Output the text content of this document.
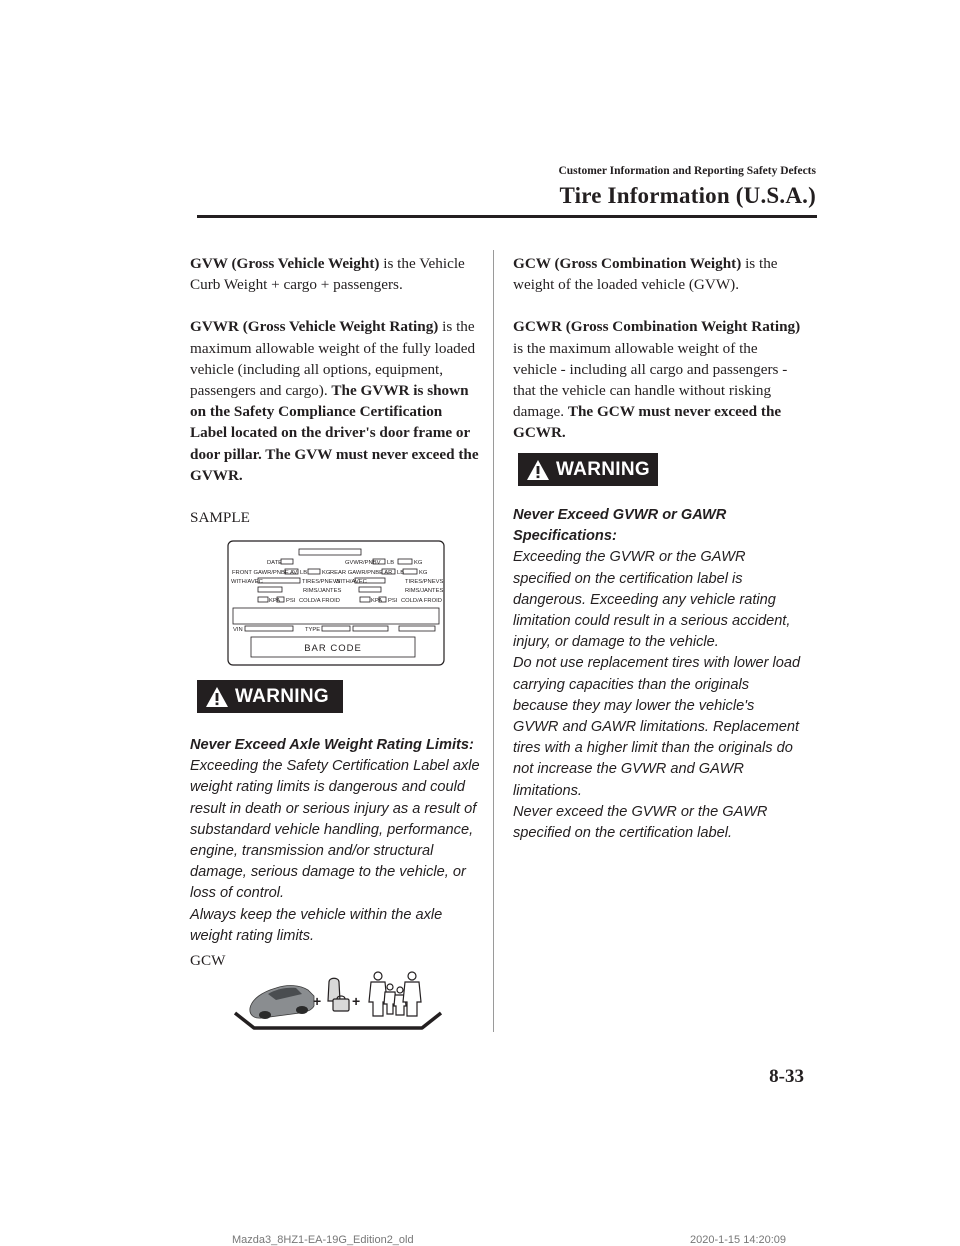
Customer Information and Reporting Safety Defects
Tire Information (U.S.A.)

GVW (Gross Vehicle Weight) is the Vehicle Curb Weight + cargo + passengers.

GVWR (Gross Vehicle Weight Rating) is the maximum allowable weight of the fully loaded vehicle (including all options, equipment, passengers and cargo). The GVWR is shown on the Safety Compliance Certification Label located on the driver's door frame or door pillar. The GVW must never exceed the GVWR.

SAMPLE

DATE	GVWR/PNBV LB	KG
FRONT GAWR/PNBE AV LB	KG REAR GAWR/PNBE AR LB	KG
WITH/AVEC	TIRES/PNEVS
WITH/AVEC	TIRES/PNEVS
RIMS/JANTES	RIMS/JANTES
KPA PSI COLD/A FROID	KPA PSI COLD/A FROID
VIN	TYPE
BAR CODE
WARNING
Never Exceed Axle Weight Rating Limits:
Exceeding the Safety Certification Label axle weight rating limits is dangerous and could result in death or serious injury as a result of substandard vehicle handling, performance, engine, transmission and/or structural damage, serious damage to the vehicle, or loss of control.
Always keep the vehicle within the axle weight rating limits.
GCW
+ +

GCW (Gross Combination Weight) is the weight of the loaded vehicle (GVW).

GCWR (Gross Combination Weight Rating) is the maximum allowable weight of the vehicle - including all cargo and passengers - that the vehicle can handle without risking damage. The GCW must never exceed the GCWR.

WARNING
Never Exceed GVWR or GAWR Specifications:
Exceeding the GVWR or the GAWR specified on the certification label is dangerous. Exceeding any vehicle rating limitation could result in a serious accident, injury, or damage to the vehicle.
Do not use replacement tires with lower load carrying capacities than the originals because they may lower the vehicle's GVWR and GAWR limitations. Replacement tires with a higher limit than the originals do not increase the GVWR and GAWR limitations.
Never exceed the GVWR or the GAWR specified on the certification label.
8-33
Mazda3_8HZ1-EA-19G_Edition2_old	2020-1-15 14:20:09
